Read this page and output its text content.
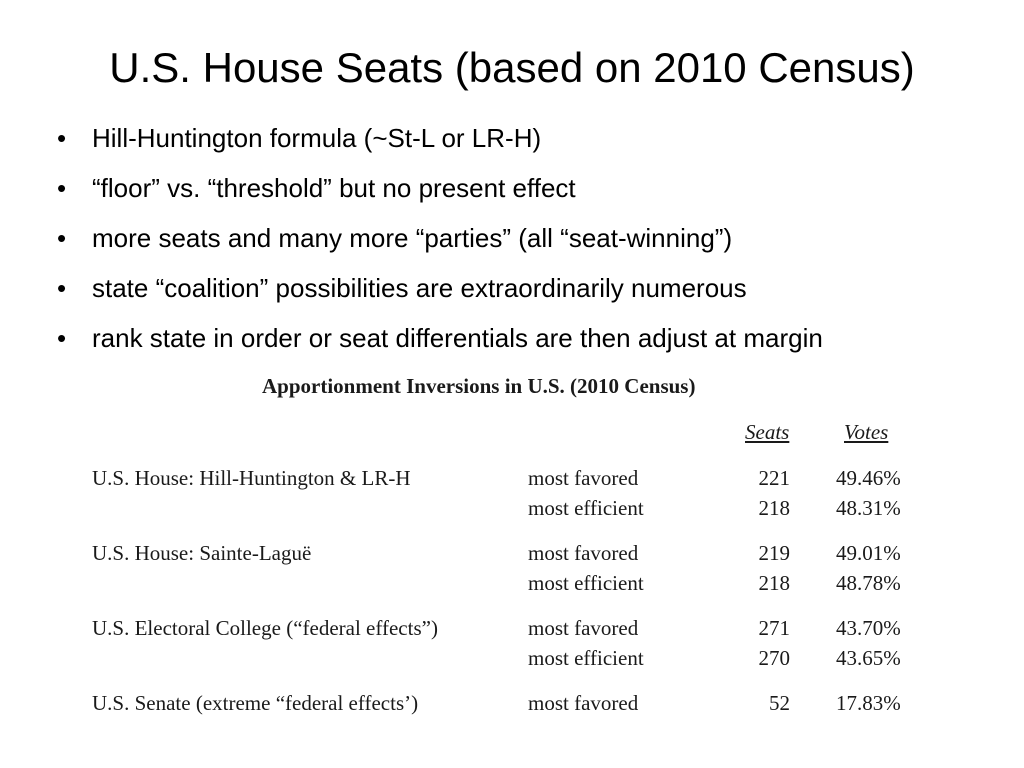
U.S. House Seats (based on 2010 Census)
• Hill-Huntington formula (~St-L or LR-H)
• “floor” vs. “threshold” but no present effect
• more seats and many more “parties” (all “seat-winning”)
• state “coalition” possibilities are extraordinarily numerous
• rank state in order or seat differentials are then adjust at margin
Apportionment Inversions in U.S. (2010 Census)
Seats	Votes
U.S. House: Hill-Huntington & LR-H	most favored	221 49.46%
most efficient	218 48.31%
U.S. House: Sainte-Laguë	most favored	219 49.01%
most efficient	218 48.78%
U.S. Electoral College (“federal effects”)	most favored	271 43.70%
most efficient	270 43.65%
U.S. Senate (extreme “federal effects’)	most favored	52 17.83%
